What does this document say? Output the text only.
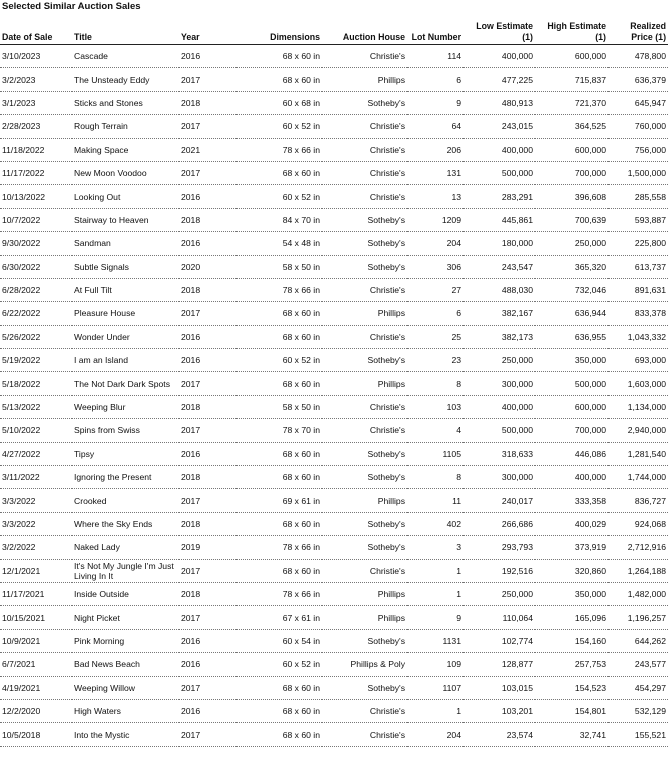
Selected Similar Auction Sales
Date of Sale	Title	Year	Dimensions	Auction House	Lot Number	Low Estimate (1)	High Estimate (1)	Realized Price (1)
3/10/2023	Cascade	2016	68 x 60 in	Christie's	114	400,000	600,000	478,800
3/2/2023	The Unsteady Eddy	2017	68 x 60 in	Phillips	6	477,225	715,837	636,379
3/1/2023	Sticks and Stones	2018	60 x 68 in	Sotheby's	9	480,913	721,370	645,947
2/28/2023	Rough Terrain	2017	60 x 52 in	Christie's	64	243,015	364,525	760,000
11/18/2022	Making Space	2021	78 x 66 in	Christie's	206	400,000	600,000	756,000
11/17/2022	New Moon Voodoo	2017	68 x 60 in	Christie's	131	500,000	700,000	1,500,000
10/13/2022	Looking Out	2016	60 x 52 in	Christie's	13	283,291	396,608	285,558
10/7/2022	Stairway to Heaven	2018	84 x 70 in	Sotheby's	1209	445,861	700,639	593,887
9/30/2022	Sandman	2016	54 x 48 in	Sotheby's	204	180,000	250,000	225,800
6/30/2022	Subtle Signals	2020	58 x 50 in	Sotheby's	306	243,547	365,320	613,737
6/28/2022	At Full Tilt	2018	78 x 66 in	Christie's	27	488,030	732,046	891,631
6/22/2022	Pleasure House	2017	68 x 60 in	Phillips	6	382,167	636,944	833,378
5/26/2022	Wonder Under	2016	68 x 60 in	Christie's	25	382,173	636,955	1,043,332
5/19/2022	I am an Island	2016	60 x 52 in	Sotheby's	23	250,000	350,000	693,000
5/18/2022	The Not Dark Dark Spots	2017	68 x 60 in	Phillips	8	300,000	500,000	1,603,000
5/13/2022	Weeping Blur	2018	58 x 50 in	Christie's	103	400,000	600,000	1,134,000
5/10/2022	Spins from Swiss	2017	78 x 70 in	Christie's	4	500,000	700,000	2,940,000
4/27/2022	Tipsy	2016	68 x 60 in	Sotheby's	1105	318,633	446,086	1,281,540
3/11/2022	Ignoring the Present	2018	68 x 60 in	Sotheby's	8	300,000	400,000	1,744,000
3/3/2022	Crooked	2017	69 x 61 in	Phillips	11	240,017	333,358	836,727
3/3/2022	Where the Sky Ends	2018	68 x 60 in	Sotheby's	402	266,686	400,029	924,068
3/2/2022	Naked Lady	2019	78 x 66 in	Sotheby's	3	293,793	373,919	2,712,916
12/1/2021	It's Not My Jungle I'm Just Living In It	2017	68 x 60 in	Christie's	1	192,516	320,860	1,264,188
11/17/2021	Inside Outside	2018	78 x 66 in	Phillips	1	250,000	350,000	1,482,000
10/15/2021	Night Picket	2017	67 x 61 in	Phillips	9	110,064	165,096	1,196,257
10/9/2021	Pink Morning	2016	60 x 54 in	Sotheby's	1131	102,774	154,160	644,262
6/7/2021	Bad News Beach	2016	60 x 52 in	Phillips & Poly	109	128,877	257,753	243,577
4/19/2021	Weeping Willow	2017	68 x 60 in	Sotheby's	1107	103,015	154,523	454,297
12/2/2020	High Waters	2016	68 x 60 in	Christie's	1	103,201	154,801	532,129
10/5/2018	Into the Mystic	2017	68 x 60 in	Christie's	204	23,574	32,741	155,521
